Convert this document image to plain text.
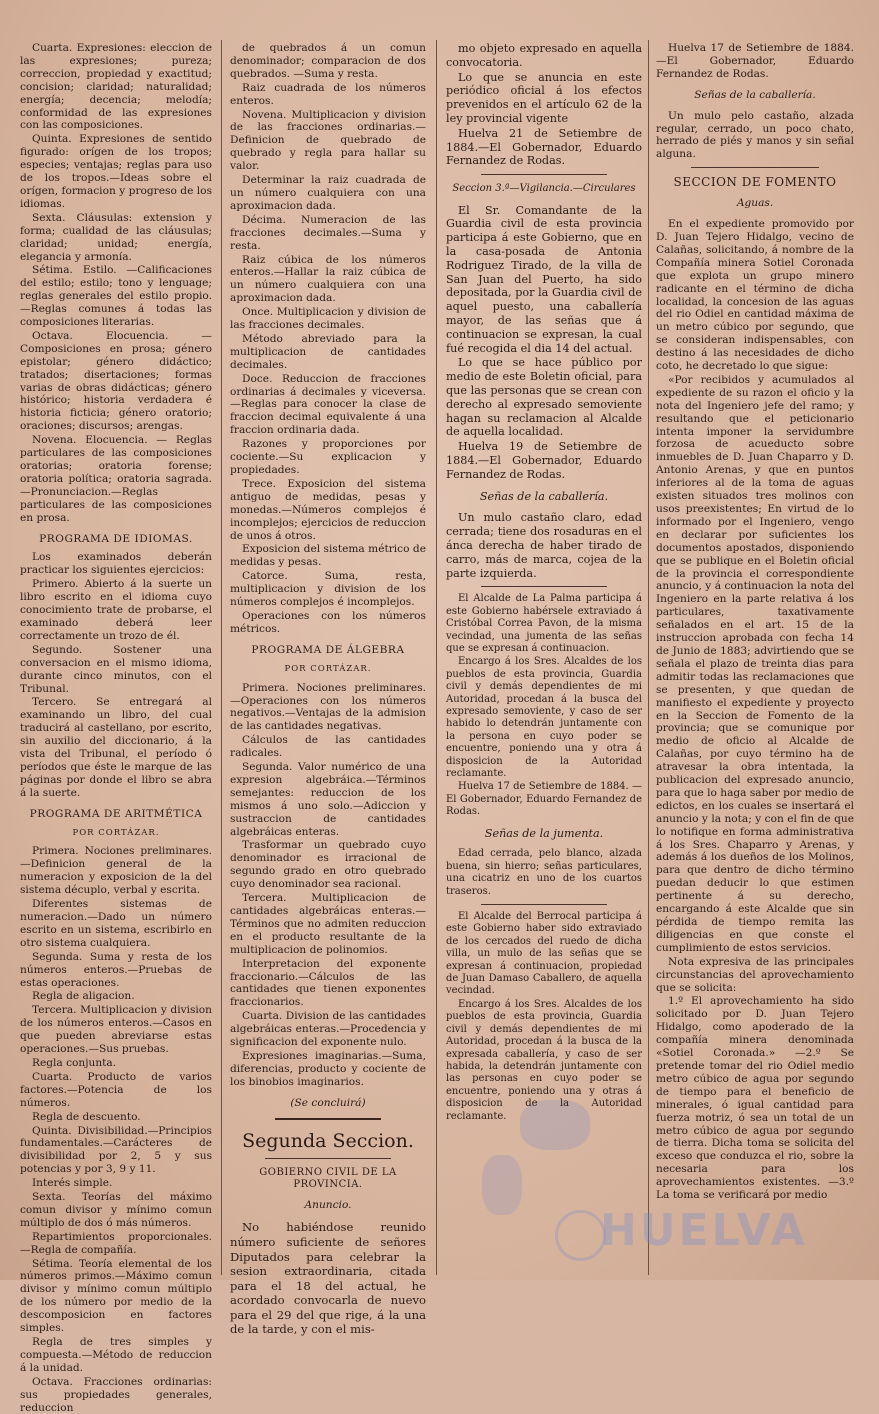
Cuarta. Expresiones: eleccion de las expresiones; pureza; correccion, propiedad y exactitud; concision; claridad; naturalidad; energía; decencia; melodía; conformidad de las expresiones con las composiciones.

Quinta. Expresiones de sentido figurado: orígen de los tropos; especies; ventajas; reglas para uso de los tropos.—Ideas sobre el orígen, formacion y progreso de los idiomas.

Sexta. Cláusulas: extension y forma; cualidad de las cláusulas; claridad; unidad; energía, elegancia y armonía.

Sétima. Estilo. —Calificaciones del estilo; estilo; tono y lenguage; reglas generales del estilo propio.—Reglas comunes á todas las composiciones literarias.

Octava. Elocuencia. —Composiciones en prosa; género epistolar; género didáctico; tratados; disertaciones; formas varias de obras didácticas; género histórico; historia verdadera é historia ficticia; género oratorio; oraciones; discursos; arengas.

Novena. Elocuencia. — Reglas particulares de las composiciones oratorias; oratoria forense; oratoria política; oratoria sagrada.—Pronunciacion.—Reglas particulares de las composiciones en prosa.

PROGRAMA DE IDIOMAS.

Los examinados deberán practicar los siguientes ejercicios:

Primero. Abierto á la suerte un libro escrito en el idioma cuyo conocimiento trate de probarse, el examinado deberá leer correctamente un trozo de él.

Segundo. Sostener una conversacion en el mismo idioma, durante cinco minutos, con el Tribunal.

Tercero. Se entregará al examinando un libro, del cual traducirá al castellano, por escrito, sin auxilio del diccionario, á la vista del Tribunal, el período ó períodos que éste le marque de las páginas por donde el libro se abra á la suerte.

PROGRAMA DE ARITMÉTICA

POR CORTÁZAR.

Primera. Nociones preliminares. —Definicion general de la numeracion y exposicion de la del sistema décuplo, verbal y escrita.

Diferentes sistemas de numeracion.—Dado un número escrito en un sistema, escribirlo en otro sistema cualquiera.

Segunda. Suma y resta de los números enteros.—Pruebas de estas operaciones.

Regla de aligacion.

Tercera. Multiplicacion y division de los números enteros.—Casos en que pueden abreviarse estas operaciones.—Sus pruebas.

Regla conjunta.

Cuarta. Producto de varios factores.—Potencia de los números.

Regla de descuento.

Quinta. Divisibilidad.—Principios fundamentales.—Carácteres de divisibilidad por 2, 5 y sus potencias y por 3, 9 y 11.

Interés simple.

Sexta. Teorías del máximo comun divisor y mínimo comun múltiplo de dos ó más números.

Repartimientos proporcionales.—Regla de compañía.

Sétima. Teoría elemental de los números primos.—Máximo comun divisor y mínimo comun múltiplo de los número por medio de la descomposicion en factores simples.

Regla de tres simples y compuesta.—Método de reduccion á la unidad.

Octava. Fracciones ordinarias: sus propiedades generales, reduccion

de quebrados á un comun denominador; comparacion de dos quebrados. —Suma y resta.

Raiz cuadrada de los números enteros.

Novena. Multiplicacion y division de las fracciones ordinarias.—Definicion de quebrado de quebrado y regla para hallar su valor.

Determinar la raiz cuadrada de un número cualquiera con una aproximacion dada.

Décima. Numeracion de las fracciones decimales.—Suma y resta.

Raiz cúbica de los números enteros.—Hallar la raiz cúbica de un número cualquiera con una aproximacion dada.

Once. Multiplicacion y division de las fracciones decimales.

Método abreviado para la multiplicacion de cantidades decimales.

Doce. Reduccion de fracciones ordinarias á decimales y viceversa. —Reglas para conocer la clase de fraccion decimal equivalente á una fraccion ordinaria dada.

Razones y proporciones por cociente.—Su explicacion y propiedades.

Trece. Exposicion del sistema antiguo de medidas, pesas y monedas.—Números complejos é incomplejos; ejercicios de reduccion de unos á otros.

Exposicion del sistema métrico de medidas y pesas.

Catorce. Suma, resta, multiplicacion y division de los números complejos é incomplejos.

Operaciones con los números métricos.

PROGRAMA DE ÁLGEBRA

POR CORTÁZAR.

Primera. Nociones preliminares. —Operaciones con los números negativos.—Ventajas de la admision de las cantidades negativas.

Cálculos de las cantidades radicales.

Segunda. Valor numérico de una expresion algebráica.—Términos semejantes: reduccion de los mismos á uno solo.—Adiccion y sustraccion de cantidades algebráicas enteras.

Trasformar un quebrado cuyo denominador es irracional de segundo grado en otro quebrado cuyo denominador sea racional.

Tercera. Multiplicacion de cantidades algebráicas enteras.—Términos que no admiten reduccion en el producto resultante de la multiplicacion de polinomios.

Interpretacion del exponente fraccionario.—Cálculos de las cantidades que tienen exponentes fraccionarios.

Cuarta. Division de las cantidades algebráicas enteras.—Procedencia y significacion del exponente nulo.

Expresiones imaginarias.—Suma, diferencias, producto y cociente de los binobios imaginarios.

(Se concluirá)

Segunda Seccion.

GOBIERNO CIVIL DE LA PROVINCIA.

Anuncio.

No habiéndose reunido número suficiente de señores Diputados para celebrar la sesion extraordinaria, citada para el 18 del actual, he acordado convocarla de nuevo para el 29 del que rige, á la una de la tarde, y con el mis-

mo objeto expresado en aquella convocatoria.

Lo que se anuncia en este periódico oficial á los efectos prevenidos en el artículo 62 de la ley provincial vigente

Huelva 21 de Setiembre de 1884.—El Gobernador, Eduardo Fernandez de Rodas.

Seccion 3.ª—Vigilancia.—Circulares

El Sr. Comandante de la Guardia civil de esta provincia participa á este Gobierno, que en la casa-posada de Antonia Rodriguez Tirado, de la villa de San Juan del Puerto, ha sido depositada, por la Guardia civil de aquel puesto, una caballería mayor, de las señas que á continuacion se expresan, la cual fué recogida el dia 14 del actual.

Lo que se hace público por medio de este Boletin oficial, para que las personas que se crean con derecho al expresado semoviente hagan su reclamacion al Alcalde de aquella localidad.

Huelva 19 de Setiembre de 1884.—El Gobernador, Eduardo Fernandez de Rodas.

Señas de la caballería.

Un mulo castaño claro, edad cerrada; tiene dos rosaduras en el ánca derecha de haber tirado de carro, más de marca, cojea de la parte izquierda.

El Alcalde de La Palma participa á este Gobierno habérsele extraviado á Cristóbal Correa Pavon, de la misma vecindad, una jumenta de las señas que se expresan á continuacion.

Encargo á los Sres. Alcaldes de los pueblos de esta provincia, Guardia civil y demás dependientes de mi Autoridad, procedan á la busca del expresado semoviente, y caso de ser habido lo detendrán juntamente con la persona en cuyo poder se encuentre, poniendo una y otra á disposicion de la Autoridad reclamante.

Huelva 17 de Setiembre de 1884. —El Gobernador, Eduardo Fernandez de Rodas.

Señas de la jumenta.

Edad cerrada, pelo blanco, alzada buena, sin hierro; señas particulares, una cicatriz en uno de los cuartos traseros.

El Alcalde del Berrocal participa á este Gobierno haber sido extraviado de los cercados del ruedo de dicha villa, un mulo de las señas que se expresan á continuacion, propiedad de Juan Damaso Caballero, de aquella vecindad.

Encargo á los Sres. Alcaldes de los pueblos de esta provincia, Guardia civil y demás dependientes de mi Autoridad, procedan á la busca de la expresada caballería, y caso de ser habida, la detendrán juntamente con las personas en cuyo poder se encuentre, poniendo una y otras á disposicion de la Autoridad reclamante.

Huelva 17 de Setiembre de 1884. —El Gobernador, Eduardo Fernandez de Rodas.

Señas de la caballería.

Un mulo pelo castaño, alzada regular, cerrado, un poco chato, herrado de piés y manos y sin señal alguna.

SECCION DE FOMENTO

Aguas.

En el expediente promovido por D. Juan Tejero Hidalgo, vecino de Calañas, solicitando, á nombre de la Compañía minera Sotiel Coronada que explota un grupo minero radicante en el término de dicha localidad, la concesion de las aguas del rio Odiel en cantidad máxima de un metro cúbico por segundo, que se consideran indispensables, con destino á las necesidades de dicho coto, he decretado lo que sigue:

«Por recibidos y acumulados al expediente de su razon el oficio y la nota del Ingeniero jefe del ramo; y resultando que el peticionario intenta imponer la servidumbre forzosa de acueducto sobre inmuebles de D. Juan Chaparro y D. Antonio Arenas, y que en puntos inferiores al de la toma de aguas existen situados tres molinos con usos preexistentes; En virtud de lo informado por el Ingeniero, vengo en declarar por suficientes los documentos apostados, disponiendo que se publique en el Boletin oficial de la provincia el correspondiente anuncio, y á continuacion la nota del Ingeniero en la parte relativa á los particulares, taxativamente señalados en el art. 15 de la instruccion aprobada con fecha 14 de Junio de 1883; advirtiendo que se señala el plazo de treinta dias para admitir todas las reclamaciones que se presenten, y que quedan de manifiesto el expediente y proyecto en la Seccion de Fomento de la provincia; que se comunique por medio de oficio al Alcalde de Calañas, por cuyo término ha de atravesar la obra intentada, la publicacion del expresado anuncio, para que lo haga saber por medio de edictos, en los cuales se insertará el anuncio y la nota; y con el fin de que lo notifique en forma administrativa á los Sres. Chaparro y Arenas, y además á los dueños de los Molinos, para que dentro de dicho término puedan deducir lo que estimen pertinente á su derecho, encargando á este Alcalde que sin pérdida de tiempo remita las diligencias en que conste el cumplimiento de estos servicios.

Nota expresiva de las principales circunstancias del aprovechamiento que se solicita:

1.º El aprovechamiento ha sido solicitado por D. Juan Tejero Hidalgo, como apoderado de la compañía minera denominada «Sotiel Coronada.» —2.º Se pretende tomar del rio Odiel medio metro cúbico de agua por segundo de tiempo para el beneficio de minerales, ó igual cantidad para fuerza motriz, ó sea un total de un metro cúbico de agua por segundo de tierra. Dicha toma se solicita del exceso que conduzca el rio, sobre la necesaria para los aprovechamientos existentes. —3.º La toma se verificará por medio

HUELVA
